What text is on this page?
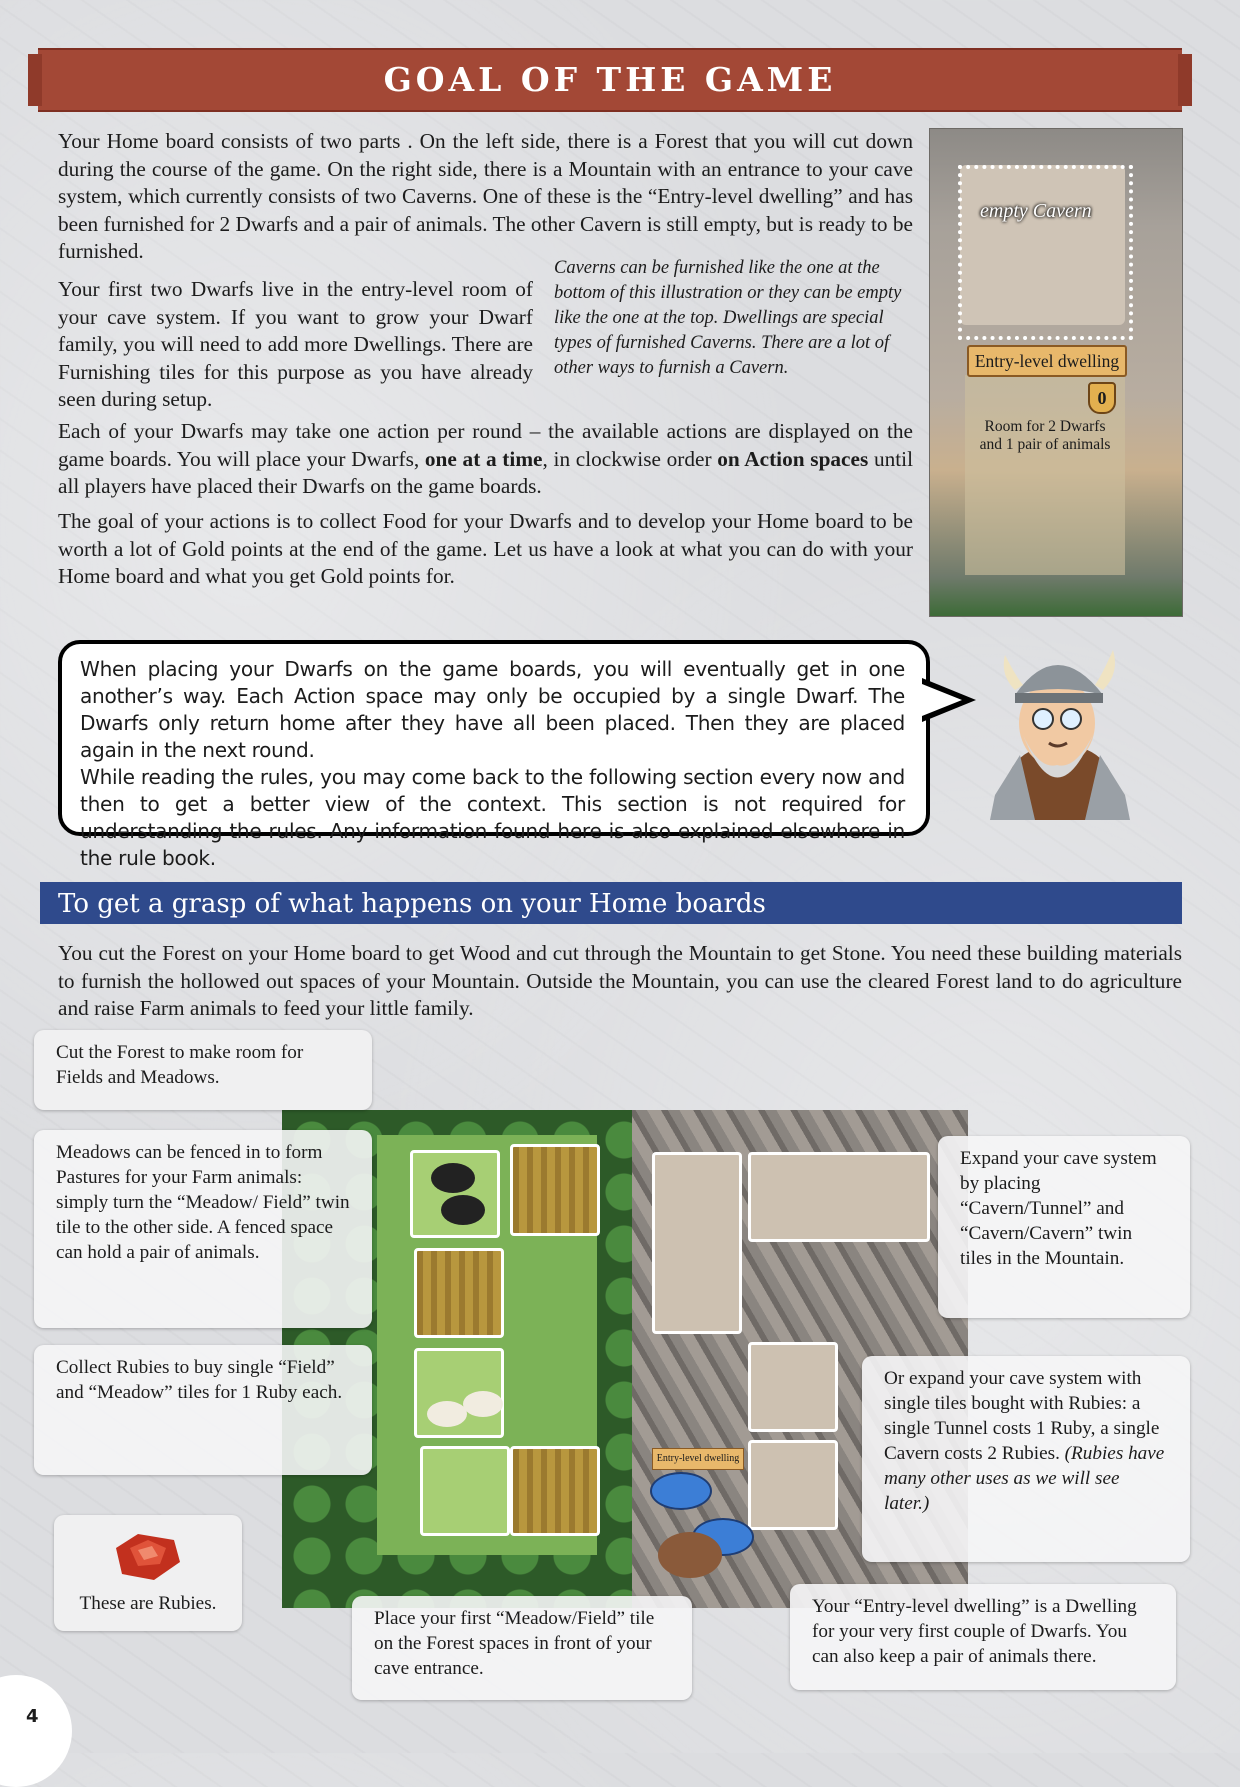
GOAL OF THE GAME

Your Home board consists of two parts . On the left side, there is a Forest that you will cut down during the course of the game. On the right side, there is a Mountain with an entrance to your cave system, which currently consists of two Caverns. One of these is the “Entry-level dwelling” and has been furnished for 2 Dwarfs and a pair of animals. The other Cavern is still empty, but is ready to be furnished.

Your first two Dwarfs live in the entry-level room of your cave system. If you want to grow your Dwarf family, you will need to add more Dwellings. There are Furnishing tiles for this purpose as you have already seen during setup.

Caverns can be furnished like the one at the bottom of this illustration or they can be empty like the one at the top. Dwellings are special types of furnished Caverns. There are a lot of other ways to furnish a Cavern.

Each of your Dwarfs may take one action per round – the available actions are displayed on the game boards. You will place your Dwarfs, one at a time, in clockwise order on Action spaces until all players have placed their Dwarfs on the game boards.

The goal of your actions is to collect Food for your Dwarfs and to develop your Home board to be worth a lot of Gold points at the end of the game. Let us have a look at what you can do with your Home board and what you get Gold points for.

empty Cavern
Entry-level dwelling
0
Room for 2 Dwarfs and 1 pair of animals
When placing your Dwarfs on the game boards, you will eventually get in one another’s way. Each Action space may only be occupied by a single Dwarf. The Dwarfs only return home after they have all been placed. Then they are placed again in the next round.
While reading the rules, you may come back to the following section every now and then to get a better view of the context. This section is not required for understanding the rules. Any information found here is also explained elsewhere in the rule book.
To get a grasp of what happens on your Home boards

You cut the Forest on your Home board to get Wood and cut through the Mountain to get Stone. You need these building materials to furnish the hollowed out spaces of your Mountain. Outside the Mountain, you can use the cleared Forest land to do agriculture and raise Farm animals to feed your little family.

Entry-level dwelling
Cut the Forest to make room for Fields and Meadows.
Meadows can be fenced in to form Pastures for your Farm animals: simply turn the “Meadow/ Field” twin tile to the other side. A fenced space can hold a pair of animals.
Collect Rubies to buy single “Field” and “Meadow” tiles for 1 Ruby each.
These are Rubies.
Place your first “Meadow/Field” tile on the Forest spaces in front of your cave entrance.
Expand your cave system by placing “Cavern/Tunnel” and “Cavern/Cavern” twin tiles in the Mountain.
Or expand your cave system with single tiles bought with Rubies: a single Tunnel costs 1 Ruby, a single Cavern costs 2 Rubies. (Rubies have many other uses as we will see later.)
Your “Entry-level dwelling” is a Dwelling for your very first couple of Dwarfs. You can also keep a pair of animals there.
4
